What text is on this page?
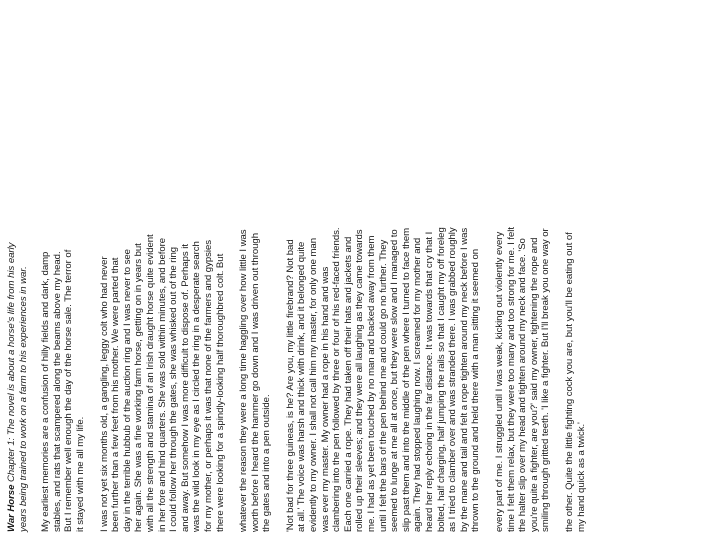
War Horse Chapter 1: The novel is about a horse's life from his early years being trained to work on a farm to his experiences in war. My earliest memories are a confusion of hilly fields and dark, damp stables, and rats that scampered along the beams above my head. But I remember well enough the day of the horse sale. The terror of it stayed with me all my life. I was not yet six months old, a gangling, leggy colt who had never been further than a few feet from his mother. We were parted that day in the terrible hubbub of the auction ring and I was never to see her again. She was a fine working farm horse, getting on in years but with all the strength and stamina of an Irish draught horse quite evident in her fore and hind quarters. She was sold within minutes, and before I could follow her through the gates, she was whisked out of the ring and away. But somehow I was more difficult to dispose of. Perhaps it was the wild look in my eye as I circled the ring in a desperate search for my mother, or perhaps it was that none of the farmers and gypsies there were looking for a spindly-looking half thoroughbred colt. But whatever the reason they were a long time haggling over how little I was worth before I heard the hammer go down and I was driven out through the gates and into a pen outside. 'Not bad for three guineas, is he? Are you, my little firebrand? Not bad at all.' The voice was harsh and thick with drink, and it belonged quite evidently to my owner. I shall not call him my master, for only one man was ever my master. My owner had a rope in his hand and was clambering into the pen followed by three or four of his red-faced friends. Each one carried a rope. They had taken off their hats and jackets and rolled up their sleeves; and they were all laughing as they came towards me. I had as yet been touched by no man and backed away from them until I felt the bars of the pen behind me and could go no further. They seemed to lunge at me all at once, but they were slow and I managed to slip past them and into the middle of the pen where I turned to face them again. They had stopped laughing now. I screamed for my mother and heard her reply echoing in the far distance. It was towards that cry that I bolted, half charging, half jumping the rails so that I caught my off foreleg as I tried to clamber over and was stranded there. I was grabbed roughly by the mane and tail and felt a rope tighten around my neck before I was thrown to the ground and held there with a man sitting it seemed on every part of me. I struggled until I was weak, kicking out violently every time I felt them relax, but they were too many and too strong for me. I felt the halter slip over my head and tighten around my neck and face. 'So you're quite a fighter, are you?' said my owner, tightening the rope and smiling through gritted teeth. 'I like a fighter. But I'll break you one way or the other. Quite the little fighting cock you are, but you'll be eating out of my hand quick as a twick.'
